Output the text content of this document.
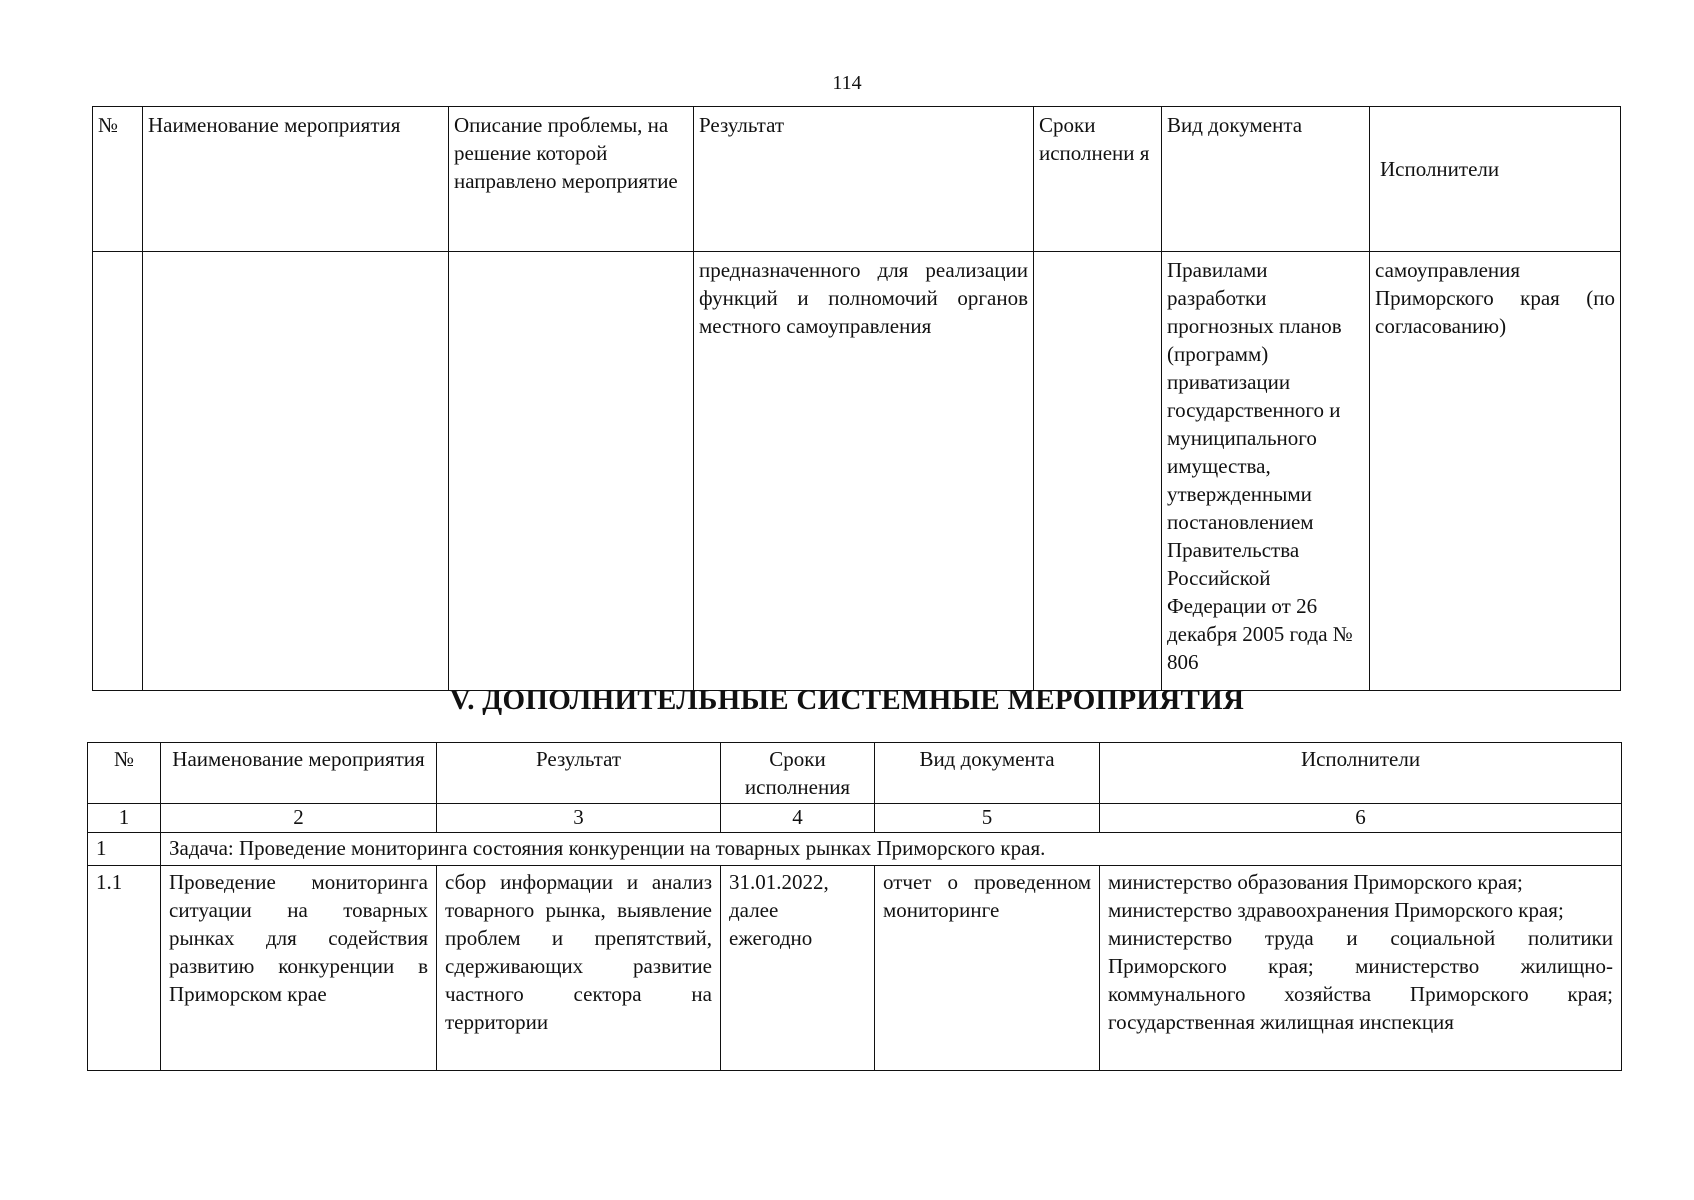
114
№	Наименование мероприятия	Описание проблемы, на решение которой направлено мероприятие	Результат	Сроки исполнени я	Вид документа	Исполнители

			предназначенного для реализации функций и полномочий органов местного самоуправления		Правилами разработки прогнозных планов (программ) приватизации государственного и муниципального имущества, утвержденными постановлением Правительства Российской Федерации от 26 декабря 2005 года № 806	самоуправления Приморского края (по согласованию)
V. ДОПОЛНИТЕЛЬНЫЕ СИСТЕМНЫЕ МЕРОПРИЯТИЯ
№	Наименование мероприятия	Результат	Сроки исполнения	Вид документа	Исполнители
1	2	3	4	5	6
1	Задача: Проведение мониторинга состояния конкуренции на товарных рынках Приморского края.				
1.1	Проведение мониторинга ситуации на товарных рынках для содействия развитию конкуренции в Приморском крае	сбор информации и анализ товарного рынка, выявление проблем и препятствий, сдерживающих развитие частного сектора на территории	31.01.2022, далее ежегодно	отчет о проведенном мониторинге	министерство образования Приморского края;
министерство здравоохранения Приморского края;
министерство труда и социальной политики Приморского края; министерство жилищно-коммунального хозяйства Приморского края; государственная жилищная инспекция
